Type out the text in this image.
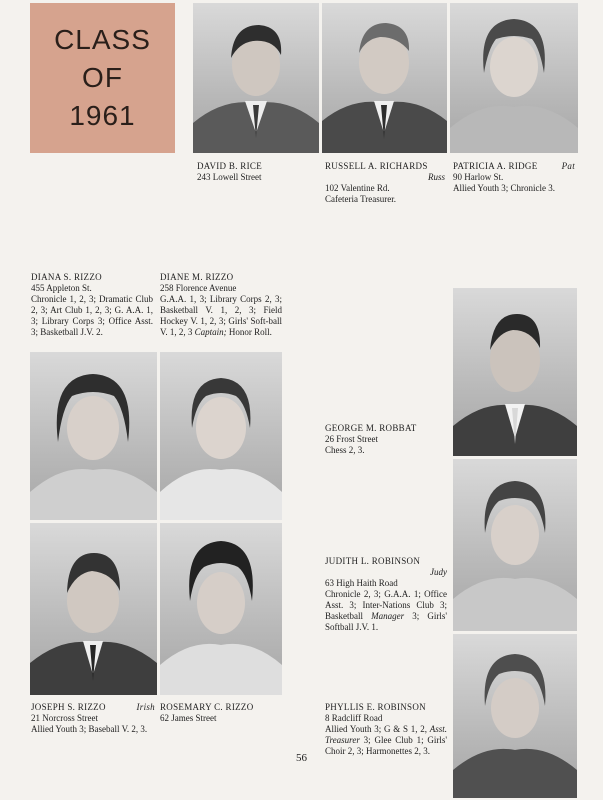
CLASS
OF
1961
DAVID B. RICE
243 Lowell Street
RUSSELL A. RICHARDS
Russ
102 Valentine Rd.
Cafeteria Treasurer.
PATRICIA A. RIDGE	Pat
90 Harlow St.
Allied Youth 3; Chronicle 3.
DIANA S. RIZZO
455 Appleton St.
Chronicle 1, 2, 3; Dramatic Club 2, 3; Art Club 1, 2, 3; G. A.A. 1, 3; Library Corps 3; Office Asst. 3; Basketball J.V. 2.
DIANE M. RIZZO
258 Florence Avenue
G.A.A. 1, 3; Library Corps 2, 3; Basketball V. 1, 2, 3; Field Hockey V. 1, 2, 3; Girls' Soft-ball V. 1, 2, 3 Captain; Honor Roll.
GEORGE M. ROBBAT
26 Frost Street
Chess 2, 3.
JUDITH L. ROBINSON
Judy
63 High Haith Road
Chronicle 2, 3; G.A.A. 1; Office Asst. 3; Inter-Nations Club 3; Basketball Manager 3; Girls' Softball J.V. 1.
PHYLLIS E. ROBINSON
8 Radcliff Road
Allied Youth 3; G & S 1, 2, Asst. Treasurer 3; Glee Club 1; Girls' Choir 2, 3; Harmonettes 2, 3.
JOSEPH S. RIZZO	Irish
21 Norcross Street
Allied Youth 3; Baseball V. 2, 3.
ROSEMARY C. RIZZO
62 James Street
56
